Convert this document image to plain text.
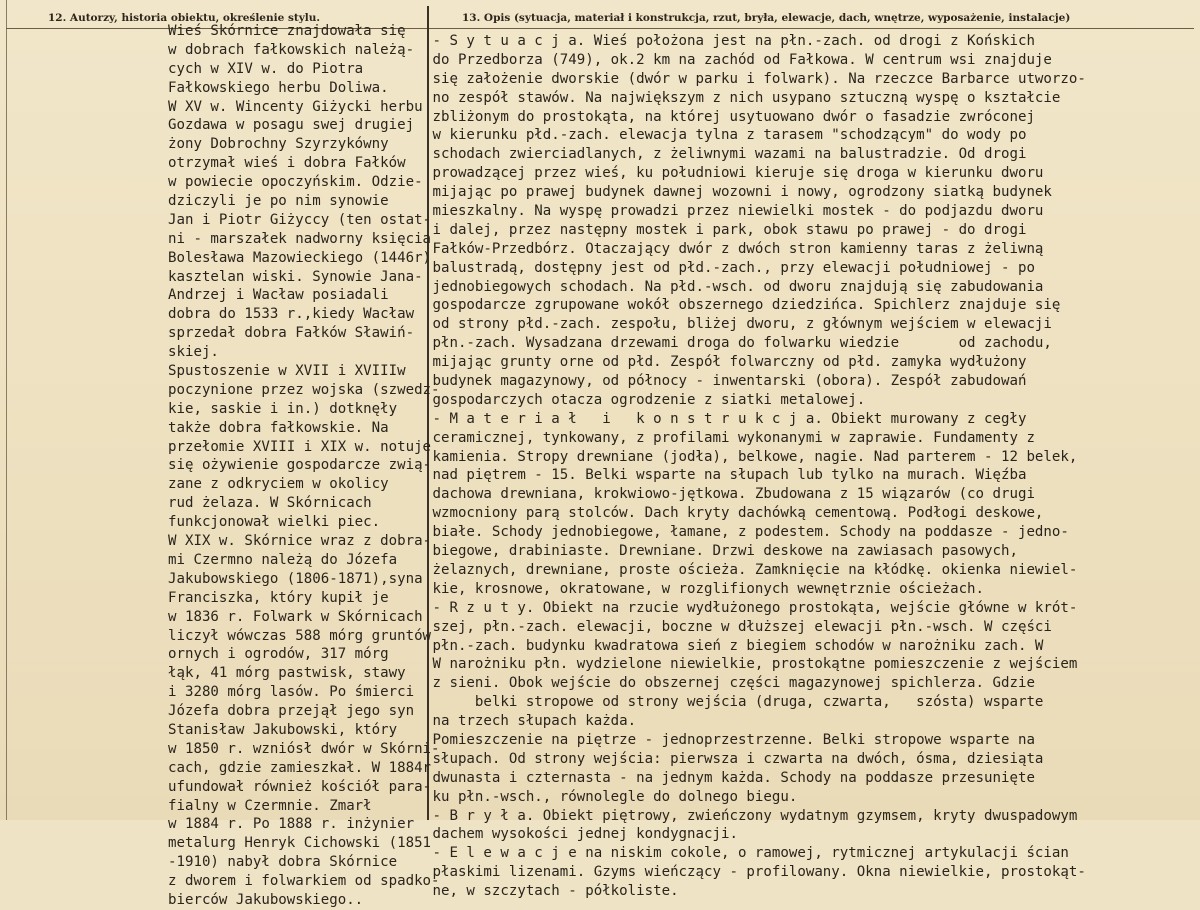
12. Autorzy, historia obiektu, określenie stylu.	13. Opis (sytuacja, materiał i konstrukcja, rzut, bryła, elewacje, dach, wnętrze, wyposażenie, instalacje)
Wieś Skórnice znajdowała się
w dobrach fałkowskich należą-
cych w XIV w. do Piotra
Fałkowskiego herbu Doliwa.
W XV w. Wincenty Giżycki herbu
Gozdawa w posagu swej drugiej
żony Dobrochny Szyrzykówny
otrzymał wieś i dobra Fałków
w powiecie opoczyńskim. Odzie-
dziczyli je po nim synowie
Jan i Piotr Giżyccy (ten ostat-
ni - marszałek nadworny księcia
Bolesława Mazowieckiego (1446r)
kasztelan wiski. Synowie Jana-
Andrzej i Wacław posiadali
dobra do 1533 r.,kiedy Wacław
sprzedał dobra Fałków Sławiń-
skiej.
Spustoszenie w XVII i XVIIIw
poczynione przez wojska (szwedz-
kie, saskie i in.) dotknęły
także dobra fałkowskie. Na
przełomie XVIII i XIX w. notuje
się ożywienie gospodarcze zwią-
zane z odkryciem w okolicy
rud żelaza. W Skórnicach
funkcjonował wielki piec.
W XIX w. Skórnice wraz z dobra-
mi Czermno należą do Józefa
Jakubowskiego (1806-1871),syna
Franciszka, który kupił je
w 1836 r. Folwark w Skórnicach
liczył wówczas 588 mórg gruntów
ornych i ogrodów, 317 mórg
łąk, 41 mórg pastwisk, stawy
i 3280 mórg lasów. Po śmierci
Józefa dobra przejął jego syn
Stanisław Jakubowski, który
w 1850 r. wzniósł dwór w Skórni-
cach, gdzie zamieszkał. W 1884r
ufundował również kościół para-
fialny w Czermnie. Zmarł
w 1884 r. Po 1888 r. inżynier
metalurg Henryk Cichowski (1851
-1910) nabył dobra Skórnice
z dworem i folwarkiem od spadko-
bierców Jakubowskiego..
- S y t u a c j a. Wieś położona jest na płn.-zach. od drogi z Końskich
do Przedborza (749), ok.2 km na zachód od Fałkowa. W centrum wsi znajduje
się założenie dworskie (dwór w parku i folwark). Na rzeczce Barbarce utworzo-
no zespół stawów. Na największym z nich usypano sztuczną wyspę o kształcie
zbliżonym do prostokąta, na której usytuowano dwór o fasadzie zwróconej
w kierunku płd.-zach. elewacja tylna z tarasem "schodzącym" do wody po
schodach zwierciadlanych, z żeliwnymi wazami na balustradzie. Od drogi
prowadzącej przez wieś, ku południowi kieruje się droga w kierunku dworu
mijając po prawej budynek dawnej wozowni i nowy, ogrodzony siatką budynek
mieszkalny. Na wyspę prowadzi przez niewielki mostek - do podjazdu dworu
i dalej, przez następny mostek i park, obok stawu po prawej - do drogi
Fałków-Przedbórz. Otaczający dwór z dwóch stron kamienny taras z żeliwną
balustradą, dostępny jest od płd.-zach., przy elewacji południowej - po
jednobiegowych schodach. Na płd.-wsch. od dworu znajdują się zabudowania
gospodarcze zgrupowane wokół obszernego dziedzińca. Spichlerz znajduje się
od strony płd.-zach. zespołu, bliżej dworu, z głównym wejściem w elewacji
płn.-zach. Wysadzana drzewami droga do folwarku wiedzie       od zachodu,
mijając grunty orne od płd. Zespół folwarczny od płd. zamyka wydłużony
budynek magazynowy, od północy - inwentarski (obora). Zespół zabudowań
gospodarczych otacza ogrodzenie z siatki metalowej.
- M a t e r i a ł   i   k o n s t r u k c j a. Obiekt murowany z cegły
ceramicznej, tynkowany, z profilami wykonanymi w zaprawie. Fundamenty z
kamienia. Stropy drewniane (jodła), belkowe, nagie. Nad parterem - 12 belek,
nad piętrem - 15. Belki wsparte na słupach lub tylko na murach. Więźba
dachowa drewniana, krokwiowo-jętkowa. Zbudowana z 15 wiązarów (co drugi
wzmocniony parą stolców. Dach kryty dachówką cementową. Podłogi deskowe,
białe. Schody jednobiegowe, łamane, z podestem. Schody na poddasze - jedno-
biegowe, drabiniaste. Drewniane. Drzwi deskowe na zawiasach pasowych,
żelaznych, drewniane, proste ościeża. Zamknięcie na kłódkę. okienka niewiel-
kie, krosnowe, okratowane, w rozglifionych wewnętrznie ościeżach.
- R z u t y. Obiekt na rzucie wydłużonego prostokąta, wejście główne w krót-
szej, płn.-zach. elewacji, boczne w dłuższej elewacji płn.-wsch. W części
płn.-zach. budynku kwadratowa sień z biegiem schodów w narożniku zach. W
W narożniku płn. wydzielone niewielkie, prostokątne pomieszczenie z wejściem
z sieni. Obok wejście do obszernej części magazynowej spichlerza. Gdzie
belki stropowe od strony wejścia (druga, czwarta,   szósta) wsparte
na trzech słupach każda.
Pomieszczenie na piętrze - jednoprzestrzenne. Belki stropowe wsparte na
słupach. Od strony wejścia: pierwsza i czwarta na dwóch, ósma, dziesiąta
dwunasta i czternasta - na jednym każda. Schody na poddasze przesunięte
ku płn.-wsch., równolegle do dolnego biegu.
- B r y ł a. Obiekt piętrowy, zwieńczony wydatnym gzymsem, kryty dwuspadowym
dachem wysokości jednej kondygnacji.
- E l e w a c j e na niskim cokole, o ramowej, rytmicznej artykulacji ścian
płaskimi lizenami. Gzyms wieńczący - profilowany. Okna niewielkie, prostokąt-
ne, w szczytach - półkoliste.
